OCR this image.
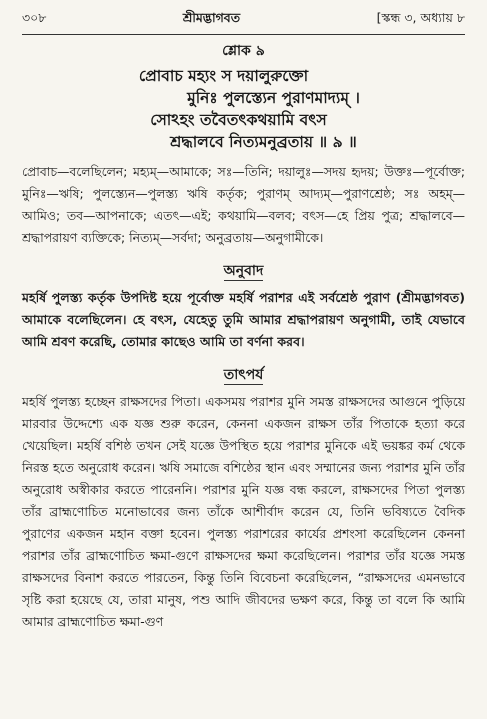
৩০৮	শ্রীমদ্ভাগবত	[স্কন্ধ ৩, অধ্যায় ৮
শ্লোক ৯
প্রোবাচ মহ্যং স দয়ালুরুক্তো
মুনিঃ পুলস্ত্যেন পুরাণমাদ্যম্ ।
সোঽহং তবৈতৎকথয়ামি বৎস
শ্রদ্ধালবে নিত্যমনুব্রতায় ॥ ৯ ॥
প্রোবাচ—বলেছিলেন; মহ্যম্—আমাকে; সঃ—তিনি; দয়ালুঃ—সদয় হৃদয়; উক্তঃ—পূর্বোক্ত; মুনিঃ—ঋষি; পুলস্ত্যেন—পুলস্ত্য ঋষি কর্তৃক; পুরাণম্ আদ্যম্—পুরাণশ্রেষ্ঠ; সঃ অহম্—আমিও; তব—আপনাকে; এতৎ—এই; কথয়ামি—বলব; বৎস—হে প্রিয় পুত্র; শ্রদ্ধালবে—শ্রদ্ধাপরায়ণ ব্যক্তিকে; নিত্যম্—সর্বদা; অনুব্রতায়—অনুগামীকে।
অনুবাদ
মহর্ষি পুলস্ত্য কর্তৃক উপদিষ্ট হয়ে পূর্বোক্ত মহর্ষি পরাশর এই সর্বশ্রেষ্ঠ পুরাণ (শ্রীমদ্ভাগবত) আমাকে বলেছিলেন। হে বৎস, যেহেতু তুমি আমার শ্রদ্ধাপরায়ণ অনুগামী, তাই যেভাবে আমি শ্রবণ করেছি, তোমার কাছেও আমি তা বর্ণনা করব।
তাৎপর্য
মহর্ষি পুলস্ত্য হচ্ছেন রাক্ষসদের পিতা। একসময় পরাশর মুনি সমস্ত রাক্ষসদের আগুনে পুড়িয়ে মারবার উদ্দেশ্যে এক যজ্ঞ শুরু করেন, কেননা একজন রাক্ষস তাঁর পিতাকে হত্যা করে খেয়েছিল। মহর্ষি বশিষ্ঠ তখন সেই যজ্ঞে উপস্থিত হয়ে পরাশর মুনিকে এই ভয়ঙ্কর কর্ম থেকে নিরস্ত হতে অনুরোধ করেন। ঋষি সমাজে বশিষ্ঠের স্থান এবং সম্মানের জন্য পরাশর মুনি তাঁর অনুরোধ অস্বীকার করতে পারেননি। পরাশর মুনি যজ্ঞ বন্ধ করলে, রাক্ষসদের পিতা পুলস্ত্য তাঁর ব্রাহ্মণোচিত মনোভাবের জন্য তাঁকে আশীর্বাদ করেন যে, তিনি ভবিষ্যতে বৈদিক পুরাণের একজন মহান বক্তা হবেন। পুলস্ত্য পরাশরের কার্যের প্রশংসা করেছিলেন কেননা পরাশর তাঁর ব্রাহ্মণোচিত ক্ষমা-গুণে রাক্ষসদের ক্ষমা করেছিলেন। পরাশর তাঁর যজ্ঞে সমস্ত রাক্ষসদের বিনাশ করতে পারতেন, কিন্তু তিনি বিবেচনা করেছিলেন, “রাক্ষসদের এমনভাবে সৃষ্টি করা হয়েছে যে, তারা মানুষ, পশু আদি জীবদের ভক্ষণ করে, কিন্তু তা বলে কি আমি আমার ব্রাহ্মণোচিত ক্ষমা-গুণ
